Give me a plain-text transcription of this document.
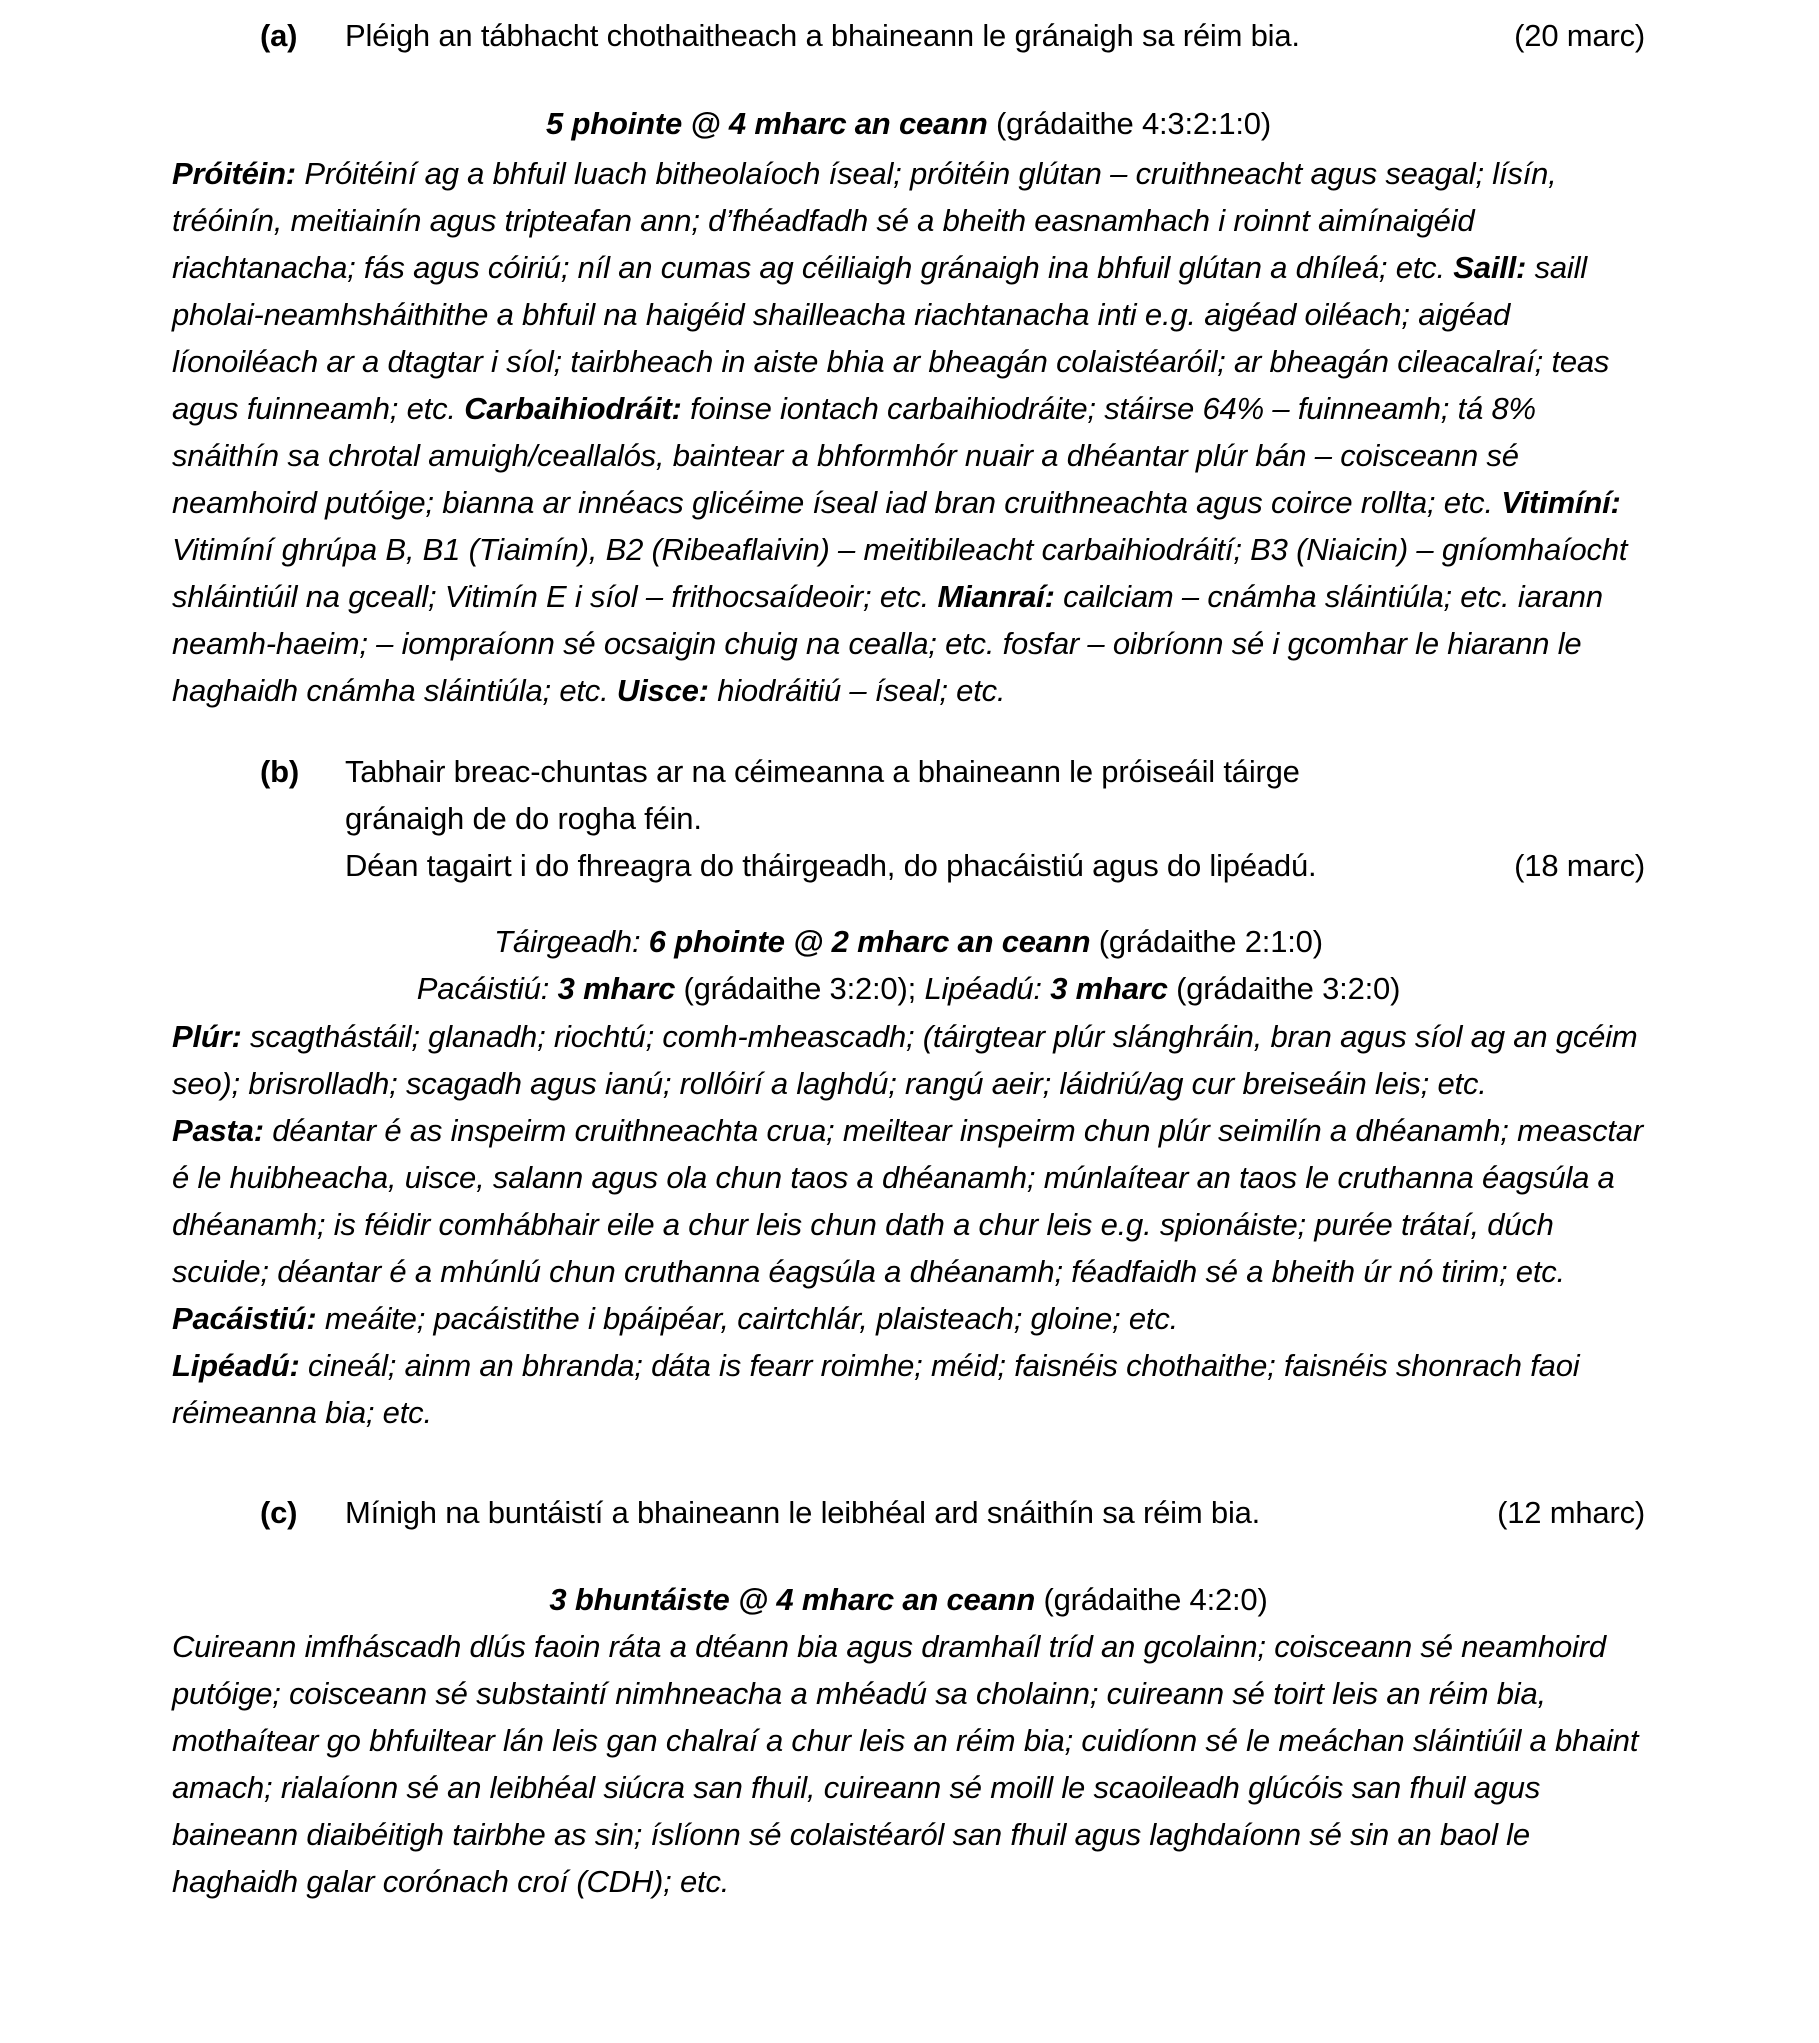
(a)	Pléigh an tábhacht chothaitheach a bhaineann le gránaigh sa réim bia.	(20 marc)
5 phointe @ 4 mharc an ceann (grádaithe 4:3:2:1:0)

Próitéin: Próitéiní ag a bhfuil luach bitheolaíoch íseal; próitéin glútan – cruithneacht agus seagal; lísín, tréóinín, meitiainín agus tripteafan ann; d’fhéadfadh sé a bheith easnamhach i roinnt aimínaigéid riachtanacha; fás agus cóiriú; níl an cumas ag céiliaigh gránaigh ina bhfuil glútan a dhíleá; etc. Saill: saill pholai-neamhsháithithe a bhfuil na haigéid shailleacha riachtanacha inti e.g. aigéad oiléach; aigéad líonoiléach ar a dtagtar i síol; tairbheach in aiste bhia ar bheagán colaistéaróil; ar bheagán cileacalraí; teas agus fuinneamh; etc. Carbaihiodráit: foinse iontach carbaihiodráite; stáirse 64% – fuinneamh; tá 8% snáithín sa chrotal amuigh/ceallalós, baintear a bhformhór nuair a dhéantar plúr bán – coisceann sé neamhoird putóige; bianna ar innéacs glicéime íseal iad bran cruithneachta agus coirce rollta; etc. Vitimíní: Vitimíní ghrúpa B, B1 (Tiaimín), B2 (Ribeaflaivin) – meitibileacht carbaihiodráití; B3 (Niaicin) – gníomhaíocht shláintiúil na gceall; Vitimín E i síol – frithocsaídeoir; etc. Mianraí: cailciam – cnámha sláintiúla; etc. iarann neamh-haeim; – iompraíonn sé ocsaigin chuig na cealla; etc. fosfar – oibríonn sé i gcomhar le hiarann le haghaidh cnámha sláintiúla; etc. Uisce: hiodráitiú – íseal; etc.

(b)	Tabhair breac-chuntas ar na céimeanna a bhaineann le próiseáil táirge
gránaigh de do rogha féin.
Déan tagairt i do fhreagra do tháirgeadh, do phacáistiú agus do lipéadú.	(18 marc)
Táirgeadh: 6 phointe @ 2 mharc an ceann (grádaithe 2:1:0)
Pacáistiú: 3 mharc (grádaithe 3:2:0); Lipéadú: 3 mharc (grádaithe 3:2:0)

Plúr: scagthástáil; glanadh; riochtú; comh-mheascadh; (táirgtear plúr slánghráin, bran agus síol ag an gcéim seo); brisrolladh; scagadh agus ianú; rollóirí a laghdú; rangú aeir; láidriú/ag cur breiseáin leis; etc.

Pasta: déantar é as inspeirm cruithneachta crua; meiltear inspeirm chun plúr seimilín a dhéanamh; measctar é le huibheacha, uisce, salann agus ola chun taos a dhéanamh; múnlaítear an taos le cruthanna éagsúla a dhéanamh; is féidir comhábhair eile a chur leis chun dath a chur leis e.g. spionáiste; purée trátaí, dúch scuide; déantar é a mhúnlú chun cruthanna éagsúla a dhéanamh; féadfaidh sé a bheith úr nó tirim; etc.

Pacáistiú: meáite; pacáistithe i bpáipéar, cairtchlár, plaisteach; gloine; etc.

Lipéadú: cineál; ainm an bhranda; dáta is fearr roimhe; méid; faisnéis chothaithe; faisnéis shonrach faoi réimeanna bia; etc.

(c)	Mínigh na buntáistí a bhaineann le leibhéal ard snáithín sa réim bia.	(12 mharc)
3 bhuntáiste @ 4 mharc an ceann (grádaithe 4:2:0)

Cuireann imfháscadh dlús faoin ráta a dtéann bia agus dramhaíl tríd an gcolainn; coisceann sé neamhoird putóige; coisceann sé substaintí nimhneacha a mhéadú sa cholainn; cuireann sé toirt leis an réim bia, mothaítear go bhfuiltear lán leis gan chalraí a chur leis an réim bia; cuidíonn sé le meáchan sláintiúil a bhaint amach; rialaíonn sé an leibhéal siúcra san fhuil, cuireann sé moill le scaoileadh glúcóis san fhuil agus baineann diaibéitigh tairbhe as sin; íslíonn sé colaistéaról san fhuil agus laghdaíonn sé sin an baol le haghaidh galar corónach croí (CDH); etc.
